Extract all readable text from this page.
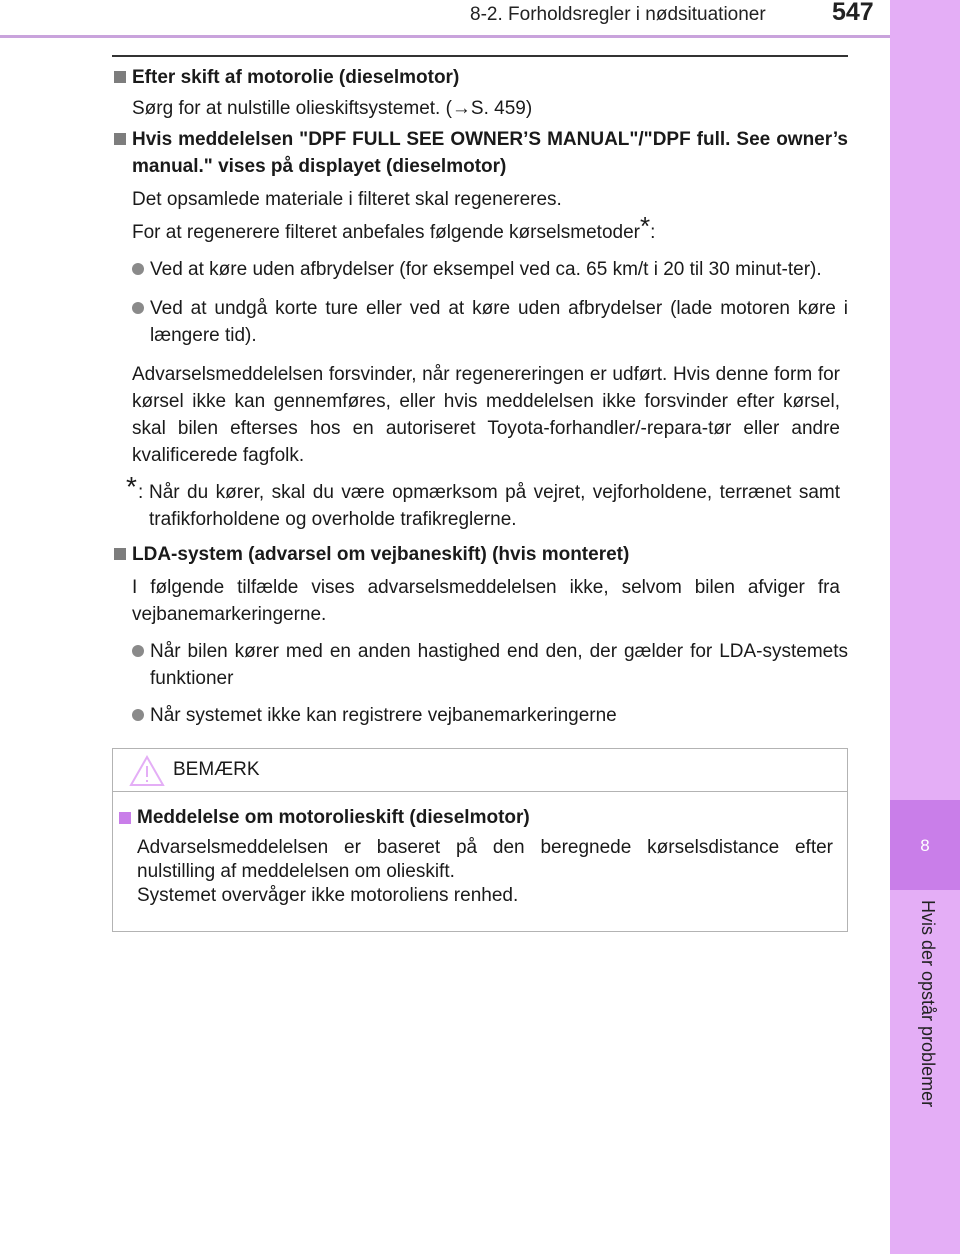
8-2. Forholdsregler i nødsituationer	547
8
Hvis der opstår problemer
Efter skift af motorolie (dieselmotor)
Sørg for at nulstille olieskiftsystemet. (→S. 459)
Hvis meddelelsen "DPF FULL SEE OWNER’S MANUAL"/"DPF full. See owner’s manual." vises på displayet (dieselmotor)
Det opsamlede materiale i filteret skal regenereres.
For at regenerere filteret anbefales følgende kørselsmetoder*:
Ved at køre uden afbrydelser (for eksempel ved ca. 65 km/t i 20 til 30 minut-ter).
Ved at undgå korte ture eller ved at køre uden afbrydelser (lade motoren køre i længere tid).
Advarselsmeddelelsen forsvinder, når regenereringen er udført. Hvis denne form for kørsel ikke kan gennemføres, eller hvis meddelelsen ikke forsvinder efter kørsel, skal bilen efterses hos en autoriseret Toyota-forhandler/-repara-tør eller andre kvalificerede fagfolk.
* : Når du kører, skal du være opmærksom på vejret, vejforholdene, terrænet samt trafikforholdene og overholde trafikreglerne.
LDA-system (advarsel om vejbaneskift) (hvis monteret)
I følgende tilfælde vises advarselsmeddelelsen ikke, selvom bilen afviger fra vejbanemarkeringerne.
Når bilen kører med en anden hastighed end den, der gælder for LDA-systemets funktioner
Når systemet ikke kan registrere vejbanemarkeringerne
BEMÆRK
Meddelelse om motorolieskift (dieselmotor)
Advarselsmeddelelsen er baseret på den beregnede kørselsdistance efter
nulstilling af meddelelsen om olieskift.
Systemet overvåger ikke motoroliens renhed.
